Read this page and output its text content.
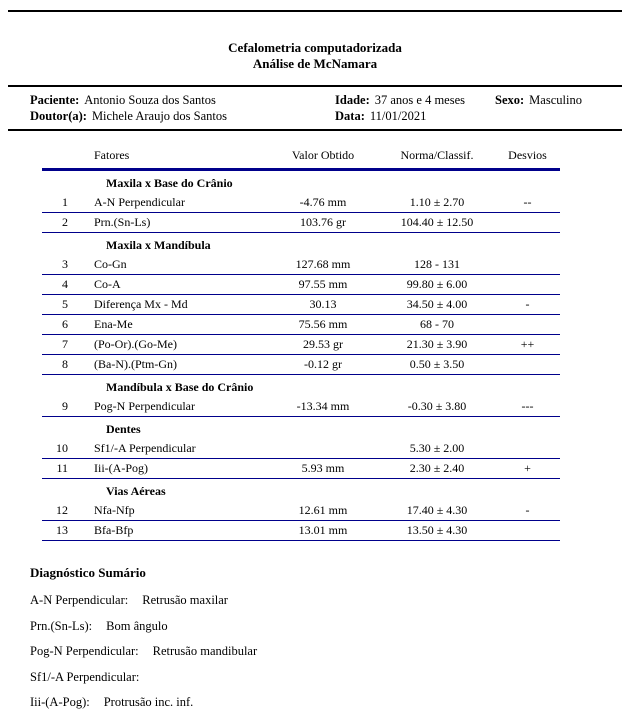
Cefalometria computadorizada
Análise de McNamara
Paciente: Antonio Souza dos Santos	Idade: 37 anos e 4 meses	Sexo: Masculino
Doutor(a): Michele Araujo dos Santos	Data: 11/01/2021
	Fatores	Valor Obtido	Norma/Classif.	Desvios
	Maxila x Base do Crânio			
1	A-N Perpendicular	-4.76 mm	1.10 ± 2.70	--
2	Prn.(Sn-Ls)	103.76 gr	104.40 ± 12.50	
	Maxila x Mandíbula			
3	Co-Gn	127.68 mm	128 - 131	
4	Co-A	97.55 mm	99.80 ± 6.00	
5	Diferença Mx - Md	30.13	34.50 ± 4.00	-
6	Ena-Me	75.56 mm	68 - 70	
7	(Po-Or).(Go-Me)	29.53 gr	21.30 ± 3.90	++
8	(Ba-N).(Ptm-Gn)	-0.12 gr	0.50 ± 3.50	
	Mandíbula x Base do Crânio			
9	Pog-N Perpendicular	-13.34 mm	-0.30 ± 3.80	---
	Dentes			
10	Sf1/-A Perpendicular		5.30 ± 2.00	
11	Iii-(A-Pog)	5.93 mm	2.30 ± 2.40	+
	Vias Aéreas			
12	Nfa-Nfp	12.61 mm	17.40 ± 4.30	-
13	Bfa-Bfp	13.01 mm	13.50 ± 4.30	
Diagnóstico Sumário
A-N Perpendicular: Retrusão maxilar
Prn.(Sn-Ls): Bom ângulo
Pog-N Perpendicular: Retrusão mandibular
Sf1/-A Perpendicular:
Iii-(A-Pog): Protrusão inc. inf.
